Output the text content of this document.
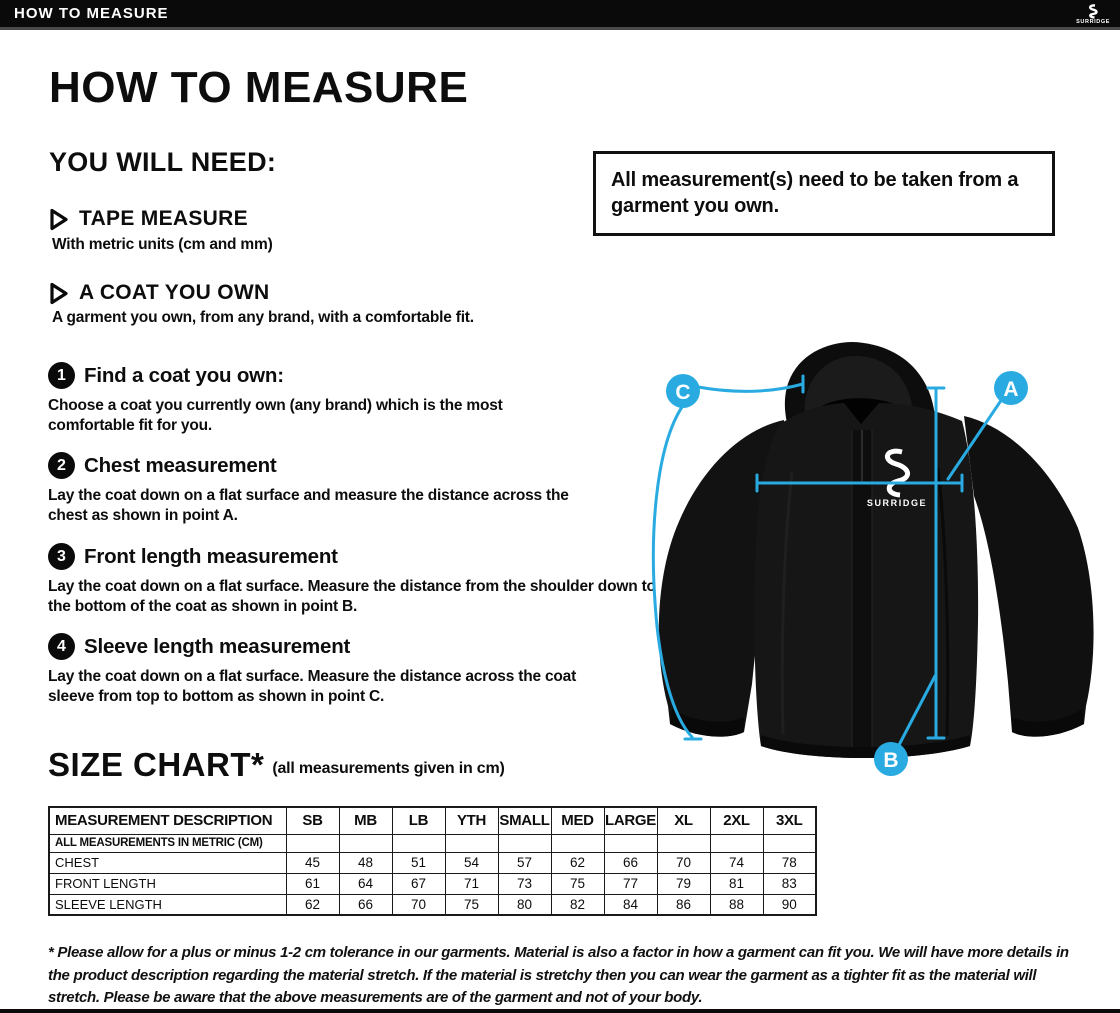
HOW TO MEASURE	SURRIDGE
HOW TO MEASURE
YOU WILL NEED:
TAPE MEASURE
With metric units (cm and mm)
A COAT YOU OWN
A garment you own, from any brand, with a comfortable fit.
All measurement(s) need to be taken from a garment you own.
1 Find a coat you own:
Choose a coat you currently own (any brand) which is the most comfortable fit for you.
2 Chest measurement
Lay the coat down on a flat surface and measure the distance across the chest as shown in point A.
3 Front length measurement
Lay the coat down on a flat surface. Measure the distance from the shoulder down to the bottom of the coat as shown in point B.
4 Sleeve length measurement
Lay the coat down on a flat surface. Measure the distance across the coat sleeve from top to bottom as shown in point C.
SURRIDGE
C	A
B
SIZE CHART* (all measurements given in cm)
MEASUREMENT DESCRIPTION	SB	MB	LB	YTH	SMALL	MED	LARGE	XL	2XL	3XL
ALL MEASUREMENTS IN METRIC (CM)										
CHEST	45	48	51	54	57	62	66	70	74	78
FRONT LENGTH	61	64	67	71	73	75	77	79	81	83
SLEEVE LENGTH	62	66	70	75	80	82	84	86	88	90

* Please allow for a plus or minus 1-2 cm tolerance in our garments. Material is also a factor in how a garment can fit you. We will have more details in the product description regarding the material stretch. If the material is stretchy then you can wear the garment as a tighter fit as the material will stretch. Please be aware that the above measurements are of the garment and not of your body.
